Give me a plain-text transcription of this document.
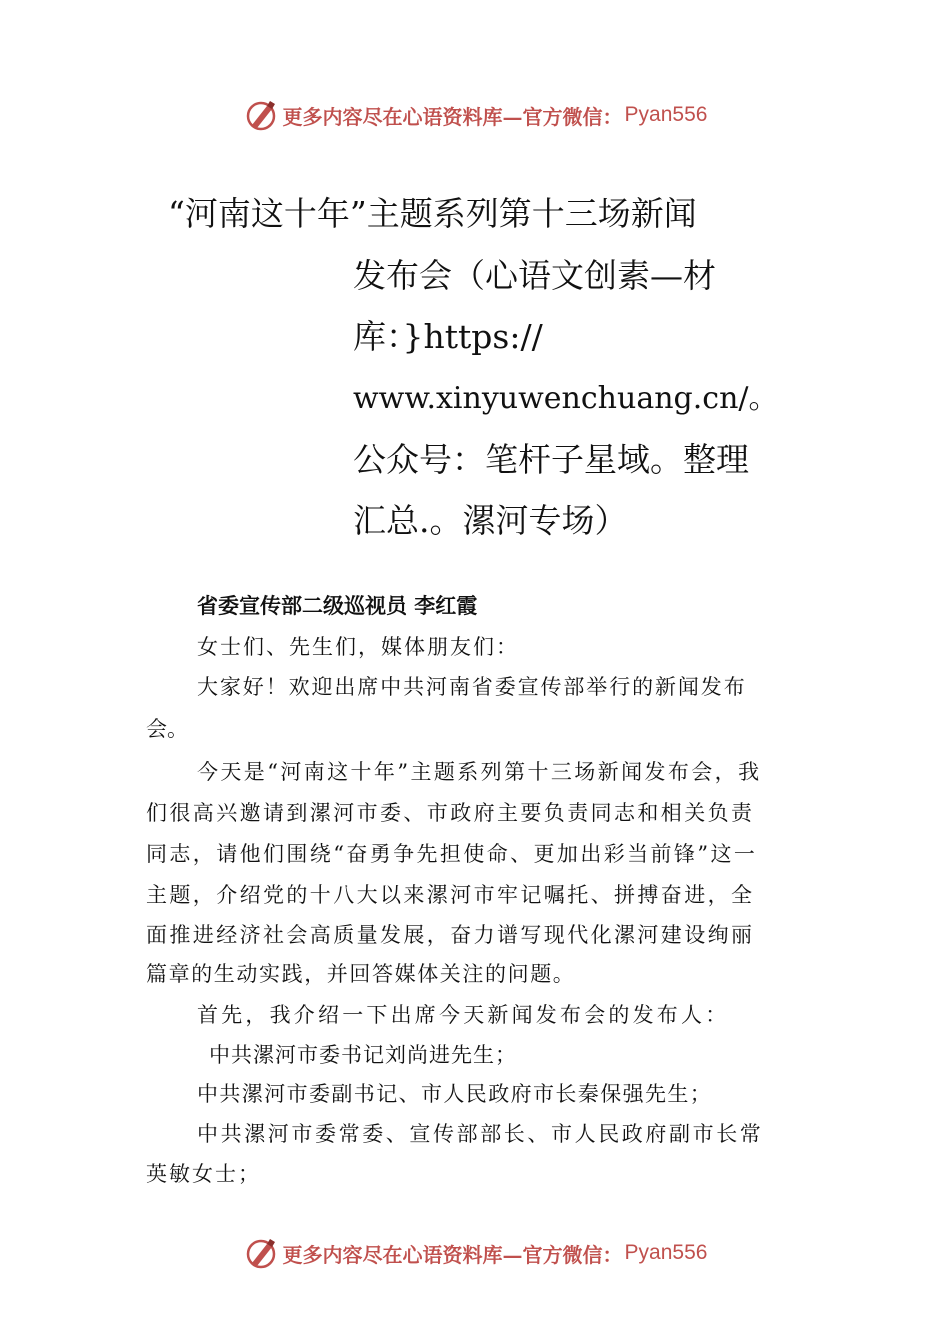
更多内容尽在心语资料库—官方微信： Pyan556
“河南这十年”主题系列第十三场新闻
发布会（心语文创素—材
库：}https://
www.xinyuwenchuang.cn/。
公众号：笔杆子星域。整理
汇总.。漯河专场）
省委宣传部二级巡视员 李红霞
女士们、先生们，媒体朋友们：
大家好！欢迎出席中共河南省委宣传部举行的新闻发布
会。
今天是“河南这十年”主题系列第十三场新闻发布会，我
们很高兴邀请到漯河市委、市政府主要负责同志和相关负责
同志，请他们围绕“奋勇争先担使命、更加出彩当前锋”这一
主题，介绍党的十八大以来漯河市牢记嘱托、拼搏奋进，全
面推进经济社会高质量发展，奋力谱写现代化漯河建设绚丽
篇章的生动实践，并回答媒体关注的问题。
首先，我介绍一下出席今天新闻发布会的发布人：
中共漯河市委书记刘尚进先生；
中共漯河市委副书记、市人民政府市长秦保强先生；
中共漯河市委常委、宣传部部长、市人民政府副市长常
英敏女士；
更多内容尽在心语资料库—官方微信： Pyan556
